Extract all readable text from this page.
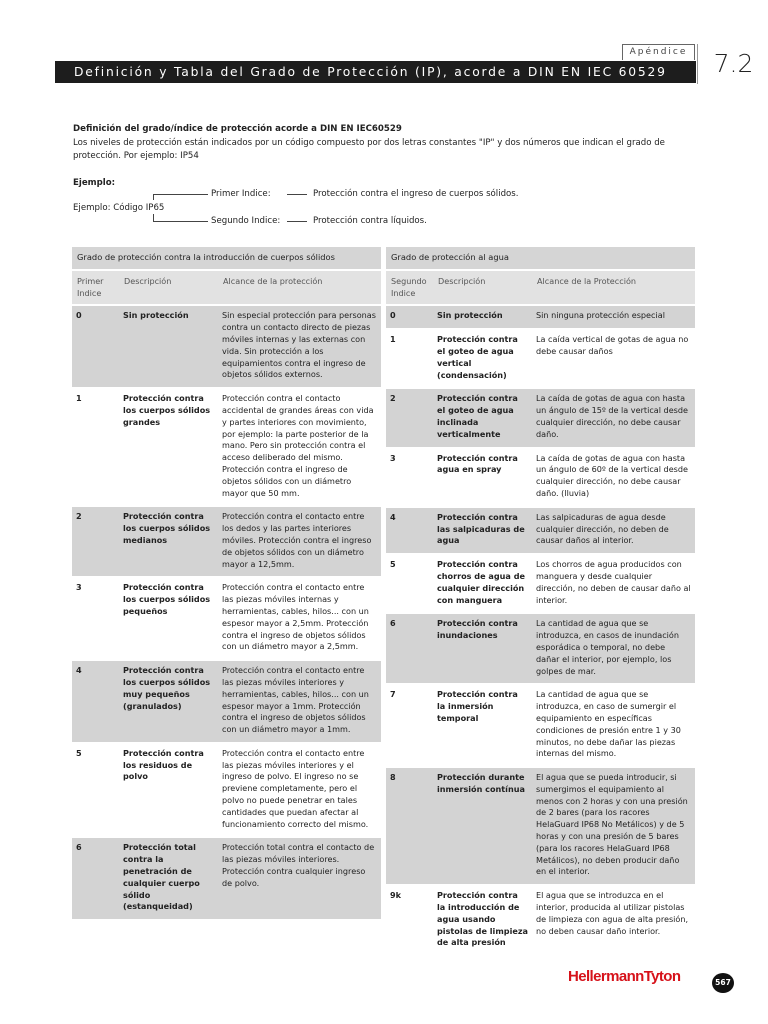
Apéndice
Definición y Tabla del Grado de Protección (IP), acorde a DIN EN IEC 60529	7.2
Definición del grado/índice de protección acorde a DIN EN IEC60529
Los niveles de protección están indicados por un código compuesto por dos letras constantes "IP" y dos números que indican el grado de protección. Por ejemplo: IP54
Ejemplo:
Ejemplo: Código IP65
Primer Indice:	Protección contra el ingreso de cuerpos sólidos.
Segundo Indice:	Protección contra líquidos.
Grado de protección contra la introducción de cuerpos sólidos		
Primer Indice	Descripción	Alcance de la protección
0	Sin protección	Sin especial protección para personas contra un contacto directo de piezas móviles internas y las externas con vida. Sin protección a los equipamientos contra el ingreso de objetos sólidos externos.
1	Protección contra los cuerpos sólidos grandes	Protección contra el contacto accidental de grandes áreas con vida y partes interiores con movimiento, por ejemplo: la parte posterior de la mano. Pero sin protección contra el acceso deliberado del mismo. Protección contra el ingreso de objetos sólidos con un diámetro mayor que 50 mm.
2	Protección contra los cuerpos sólidos medianos	Protección contra el contacto entre los dedos y las partes interiores móviles. Protección contra el ingreso de objetos sólidos con un diámetro mayor a 12,5mm.
3	Protección contra los cuerpos sólidos pequeños	Protección contra el contacto entre las piezas móviles internas y herramientas, cables, hilos... con un espesor mayor a 2,5mm. Protección contra el ingreso de objetos sólidos con un diámetro mayor a 2,5mm.
4	Protección contra los cuerpos sólidos muy pequeños (granulados)	Protección contra el contacto entre las piezas móviles interiores y herramientas, cables, hilos... con un espesor mayor a 1mm. Protección contra el ingreso de objetos sólidos con un diámetro mayor a 1mm.
5	Protección contra los residuos de polvo	Protección contra el contacto entre las piezas móviles interiores y el ingreso de polvo. El ingreso no se previene completamente, pero el polvo no puede penetrar en tales cantidades que puedan afectar al funcionamiento correcto del mismo.
6	Protección total contra la penetración de cualquier cuerpo sólido (estanqueidad)	Protección total contra el contacto de las piezas móviles interiores. Protección contra cualquier ingreso de polvo.
Grado de protección al agua		
Segundo Indice	Descripción	Alcance de la Protección
0	Sin protección	Sin ninguna protección especial
1	Protección contra el goteo de agua vertical (condensación)	La caída vertical de gotas de agua no debe causar daños
2	Protección contra el goteo de agua inclinada verticalmente	La caída de gotas de agua con hasta un ángulo de 15º de la vertical desde cualquier dirección, no debe causar daño.
3	Protección contra agua en spray	La caída de gotas de agua con hasta un ángulo de 60º de la vertical desde cualquier dirección, no debe causar daño. (lluvia)
4	Protección contra las salpicaduras de agua	Las salpicaduras de agua desde cualquier dirección, no deben de causar daños al interior.
5	Protección contra chorros de agua de cualquier dirección con manguera	Los chorros de agua producidos con manguera y desde cualquier dirección, no deben de causar daño al interior.
6	Protección contra inundaciones	La cantidad de agua que se introduzca, en casos de inundación esporádica o temporal, no debe dañar el interior, por ejemplo, los golpes de mar.
7	Protección contra la inmersión temporal	La cantidad de agua que se introduzca, en caso de sumergir el equipamiento en específicas condiciones de presión entre 1 y 30 minutos, no debe dañar las piezas internas del mismo.
8	Protección durante inmersión contínua	El agua que se pueda introducir, si sumergimos el equipamiento al menos con 2 horas y con una presión de 2 bares (para los racores HelaGuard IP68 No Metálicos) y de 5 horas y con una presión de 5 bares (para los racores HelaGuard IP68 Metálicos), no deben producir daño en el interior.
9k	Protección contra la introducción de agua usando pistolas de limpieza de alta presión	El agua que se introduzca en el interior, producida al utilizar pistolas de limpieza con agua de alta presión, no deben causar daño interior.
HellermannTyton	567
